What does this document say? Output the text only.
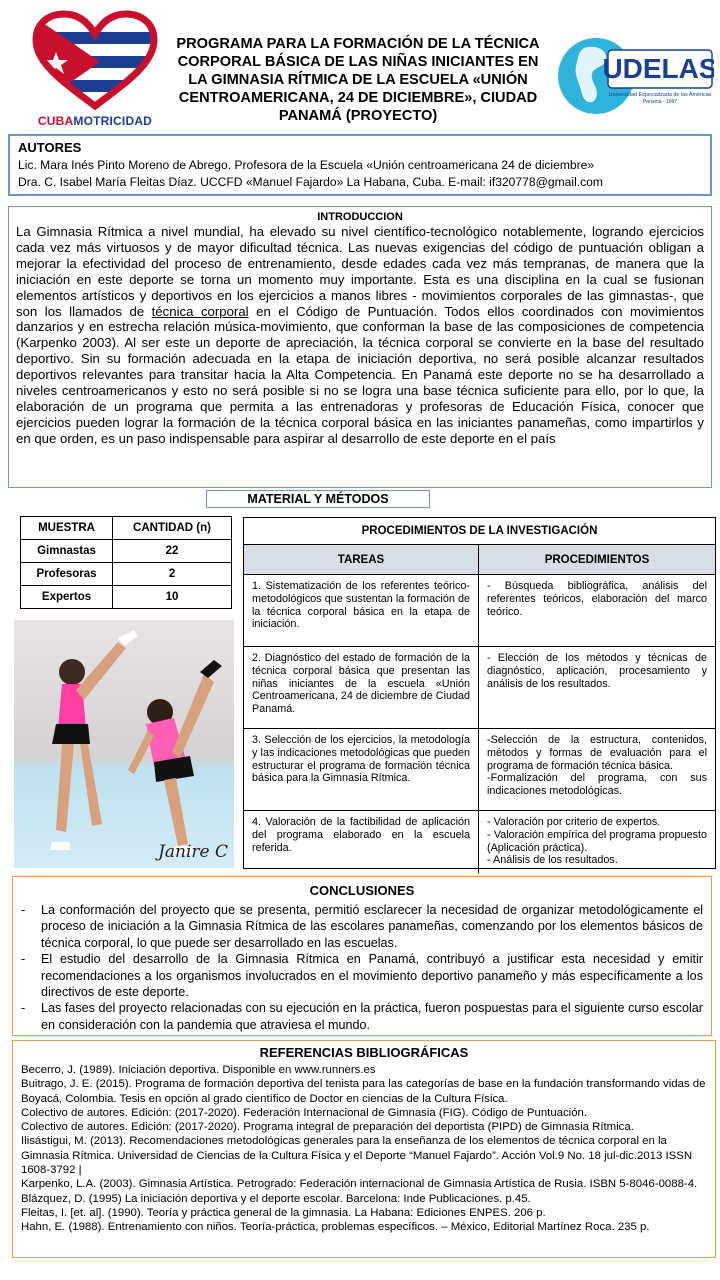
CUBAMOTRICIDAD
PROGRAMA PARA LA FORMACIÓN DE LA TÉCNICA CORPORAL BÁSICA DE LAS NIÑAS INICIANTES EN LA GIMNASIA RÍTMICA DE LA ESCUELA «UNIÓN CENTROAMERICANA, 24 DE DICIEMBRE», CIUDAD PANAMÁ (PROYECTO)
UDELAS
Universidad Especializada de las Américas
Panamá - 1997
AUTORES
Lic. Mara Inés Pinto Moreno de Abrego. Profesora de la Escuela «Unión centroamericana 24 de diciembre»
Dra. C. Isabel María Fleitas Díaz. UCCFD «Manuel Fajardo» La Habana, Cuba. E-mail: if320778@gmail.com
INTRODUCCION
La Gimnasia Rítmica a nivel mundial, ha elevado su nivel científico-tecnológico notablemente, logrando ejercicios cada vez más virtuosos y de mayor dificultad técnica. Las nuevas exigencias del código de puntuación obligan a mejorar la efectividad del proceso de entrenamiento, desde edades cada vez más tempranas, de manera que la iniciación en este deporte se torna un momento muy importante. Esta es una disciplina en la cual se fusionan elementos artísticos y deportivos en los ejercicios a manos libres - movimientos corporales de las gimnastas-, que son los llamados de técnica corporal en el Código de Puntuación. Todos ellos coordinados con movimientos danzarios y en estrecha relación música-movimiento, que conforman la base de las composiciones de competencia (Karpenko 2003). Al ser este un deporte de apreciación, la técnica corporal se convierte en la base del resultado deportivo. Sin su formación adecuada en la etapa de iniciación deportiva, no será posible alcanzar resultados deportivos relevantes para transitar hacia la Alta Competencia. En Panamá este deporte no se ha desarrollado a niveles centroamericanos y esto no será posible si no se logra una base técnica suficiente para ello, por lo que, la elaboración de un programa que permita a las entrenadoras y profesoras de Educación Física, conocer que ejercicios pueden lograr la formación de la técnica corporal básica en las iniciantes panameñas, como impartirlos y en que orden, es un paso indispensable para aspirar al desarrollo de este deporte en el país
MATERIAL Y MÉTODOS
MUESTRA	CANTIDAD (n)
Gimnastas	22
Profesoras	2
Expertos	10
Janire C
PROCEDIMIENTOS DE LA INVESTIGACIÓN
TAREAS	PROCEDIMIENTOS
1. Sistematización de los referentes teórico-metodológicos que sustentan la formación de la técnica corporal básica en la etapa de iniciación.	- Búsqueda bibliográfica, análisis del referentes teóricos, elaboración del marco teórico.
2. Diagnóstico del estado de formación de la técnica corporal básica que presentan las niñas iniciantes de la escuela «Unión Centroamericana, 24 de diciembre de Ciudad Panamá.	- Elección de los métodos y técnicas de diagnóstico, aplicación, procesamiento y análisis de los resultados.
3. Selección de los ejercicios, la metodología y las indicaciones metodológicas que pueden estructurar el programa de formación técnica básica para la Gimnasia Rítmica.	-Selección de la estructura, contenidos, métodos y formas de evaluación para el programa de formación técnica básica.
-Formalización del programa, con sus indicaciones metodológicas.
4. Valoración de la factibilidad de aplicación del programa elaborado en la escuela referida.	- Valoración por criterio de expertos.
- Valoración empírica del programa propuesto (Aplicación práctica).
- Análisis de los resultados.
CONCLUSIONES
- La conformación del proyecto que se presenta, permitió esclarecer la necesidad de organizar metodológicamente el proceso de iniciación a la Gimnasia Rítmica de las escolares panameñas, comenzando por los elementos básicos de técnica corporal, lo que puede ser desarrollado en las escuelas.
- El estudio del desarrollo de la Gimnasia Rítmica en Panamá, contribuyó a justificar esta necesidad y emitir recomendaciones a los organismos involucrados en el movimiento deportivo panameño y más específicamente a los directivos de este deporte.
- Las fases del proyecto relacionadas con su ejecución en la práctica, fueron pospuestas para el siguiente curso escolar en consideración con la pandemia que atraviesa el mundo.
REFERENCIAS BIBLIOGRÁFICAS
Becerro, J. (1989). Iniciación deportiva. Disponible en www.runners.es
Buitrago, J. E. (2015). Programa de formación deportiva del tenista para las categorías de base en la fundación transformando vidas de Boyacá, Colombia. Tesis en opción al grado científico de Doctor en ciencias de la Cultura Física.
Colectivo de autores. Edición: (2017-2020). Federación Internacional de Gimnasia (FIG). Código de Puntuación.
Colectivo de autores. Edición: (2017-2020). Programa integral de preparación del deportista (PIPD) de Gimnasia Rítmica.
Ilisástigui, M. (2013). Recomendaciones metodológicas generales para la enseñanza de los elementos de técnica corporal en la Gimnasia Rítmica. Universidad de Ciencias de la Cultura Física y el Deporte “Manuel Fajardo”. Acción Vol.9 No. 18 jul-dic.2013 ISSN 1608-3792 |
Karpenko, L.A. (2003). Gimnasia Artística. Petrogrado: Federación internacional de Gimnasia Artística de Rusia. ISBN 5-8046-0088-4.
Blázquez, D. (1995) La iniciación deportiva y el deporte escolar. Barcelona: Inde Publicaciones. p.45.
Fleitas, I. [et. al]. (1990). Teoría y práctica general de la gimnasia. La Habana: Ediciones ENPES. 206 p.
Hahn, E. (1988). Entrenamiento con niños. Teoría-práctica, problemas específicos. – México, Editorial Martínez Roca. 235 p.
